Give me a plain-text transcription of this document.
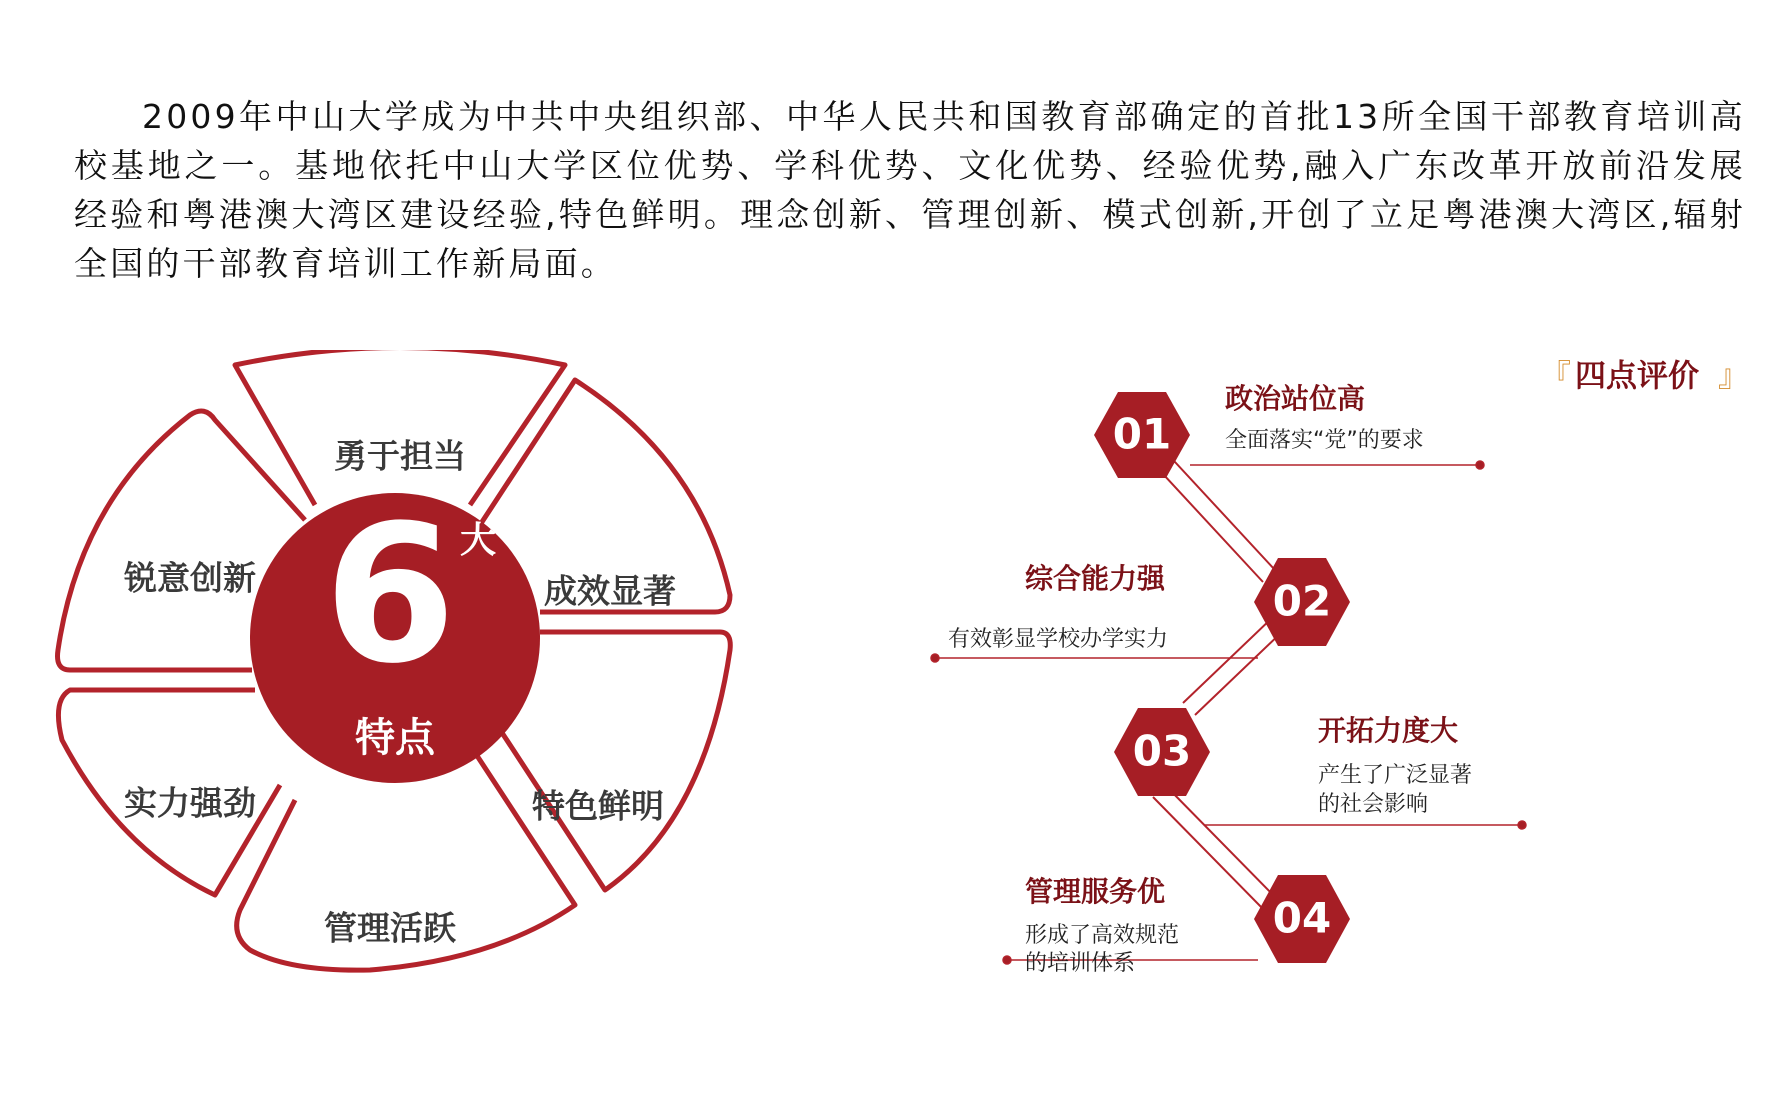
2009年中山大学成为中共中央组织部、中华人民共和国教育部确定的首批13所全国干部教育培训高校基地之一。基地依托中山大学区位优势、学科优势、文化优势、经验优势,融入广东改革开放前沿发展经验和粤港澳大湾区建设经验,特色鲜明。理念创新、管理创新、模式创新,开创了立足粤港澳大湾区,辐射全国的干部教育培训工作新局面。

6 大
特点
勇于担当
成效显著
特色鲜明
管理活跃
实力强劲
锐意创新
『 四点评价 』
01
02
03
04
政治站位高
全面落实“党”的要求
综合能力强
有效彰显学校办学实力
开拓力度大
产生了广泛显著
的社会影响
管理服务优
形成了高效规范
的培训体系
